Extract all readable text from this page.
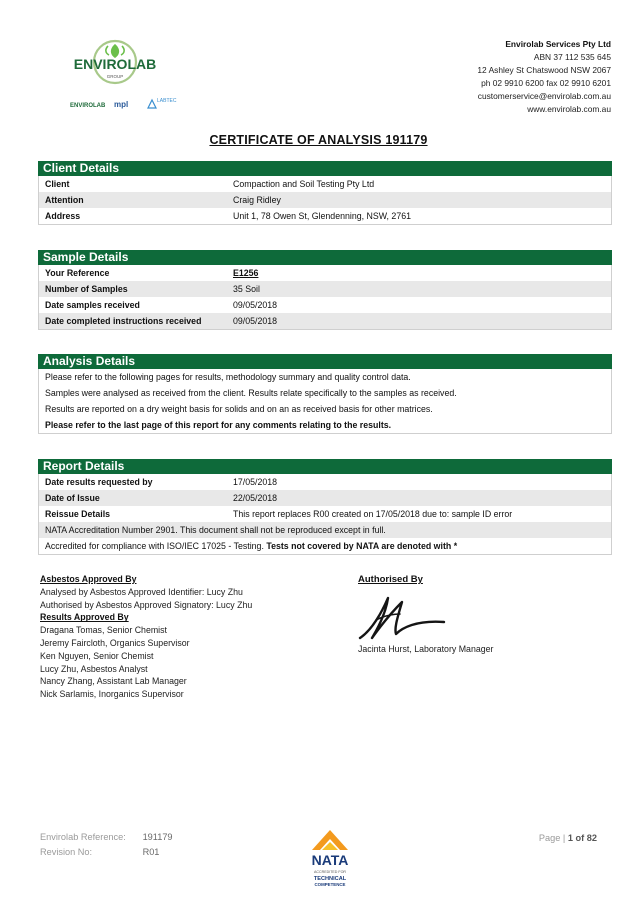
ENVIROLAB
GROUP
ENVIROLAB mpl	LABTEC
Envirolab Services Pty Ltd
ABN 37 112 535 645
12 Ashley St Chatswood NSW 2067
ph 02 9910 6200 fax 02 9910 6201
customerservice@envirolab.com.au
www.envirolab.com.au
CERTIFICATE OF ANALYSIS 191179
Client Details
Client	Compaction and Soil Testing Pty Ltd
Attention	Craig Ridley
Address	Unit 1, 78 Owen St, Glendenning, NSW, 2761
Sample Details
Your Reference	E1256
Number of Samples	35 Soil
Date samples received	09/05/2018
Date completed instructions received	09/05/2018
Analysis Details
Please refer to the following pages for results, methodology summary and quality control data.
Samples were analysed as received from the client. Results relate specifically to the samples as received.
Results are reported on a dry weight basis for solids and on an as received basis for other matrices.
Please refer to the last page of this report for any comments relating to the results.
Report Details
Date results requested by	17/05/2018
Date of Issue	22/05/2018
Reissue Details	This report replaces R00 created on 17/05/2018 due to: sample ID error
NATA Accreditation Number 2901. This document shall not be reproduced except in full.
Accredited for compliance with ISO/IEC 17025 - Testing. Tests not covered by NATA are denoted with *
Asbestos Approved By
Analysed by Asbestos Approved Identifier: Lucy Zhu
Authorised by Asbestos Approved Signatory: Lucy Zhu
Results Approved By
Dragana Tomas, Senior Chemist
Jeremy Faircloth, Organics Supervisor
Ken Nguyen, Senior Chemist
Lucy Zhu, Asbestos Analyst
Nancy Zhang, Assistant Lab Manager
Nick Sarlamis, Inorganics Supervisor
Authorised By
Jacinta Hurst, Laboratory Manager
Envirolab Reference: 191179
Revision No:	R01	NATA
ACCREDITED FOR
TECHNICAL
COMPETENCE
Page | 1 of 82
